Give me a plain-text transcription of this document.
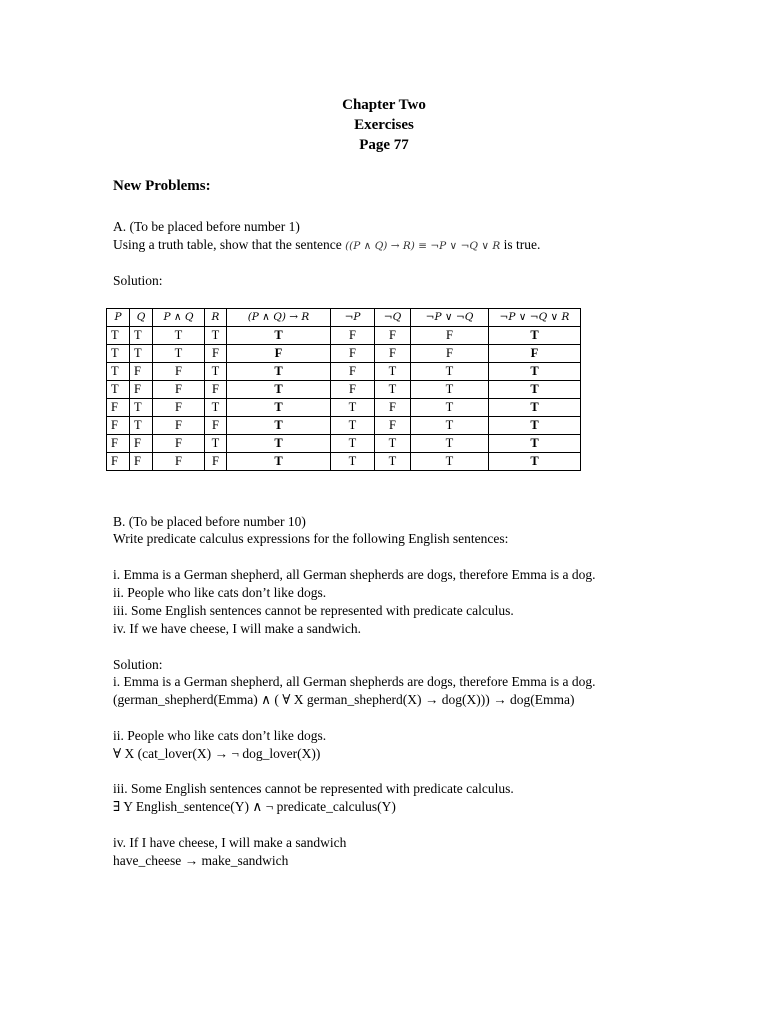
Chapter Two
Exercises
Page 77
New Problems:
A. (To be placed before number 1)
Using a truth table, show that the sentence ((P ∧ Q) → R) ≡ ¬P ∨ ¬Q ∨ R is true.
Solution:
P	Q	P ∧ Q	R	(P ∧ Q) → R	¬P	¬Q	¬P ∨ ¬Q	¬P ∨ ¬Q ∨ R
T	T	T	T	T	F	F	F	T
T	T	T	F	F	F	F	F	F
T	F	F	T	T	F	T	T	T
T	F	F	F	T	F	T	T	T
F	T	F	T	T	T	F	T	T
F	T	F	F	T	T	F	T	T
F	F	F	T	T	T	T	T	T
F	F	F	F	T	T	T	T	T
B. (To be placed before number 10)
Write predicate calculus expressions for the following English sentences:
i. Emma is a German shepherd, all German shepherds are dogs, therefore Emma is a dog.
ii. People who like cats don’t like dogs.
iii. Some English sentences cannot be represented with predicate calculus.
iv. If we have cheese, I will make a sandwich.
Solution:
i. Emma is a German shepherd, all German shepherds are dogs, therefore Emma is a dog.
(german_shepherd(Emma) ∧ ( ∀ X german_shepherd(X) → dog(X))) → dog(Emma)
ii. People who like cats don’t like dogs.
∀ X (cat_lover(X) → ¬ dog_lover(X))
iii. Some English sentences cannot be represented with predicate calculus.
∃ Y English_sentence(Y) ∧ ¬ predicate_calculus(Y)
iv. If I have cheese, I will make a sandwich
have_cheese → make_sandwich
